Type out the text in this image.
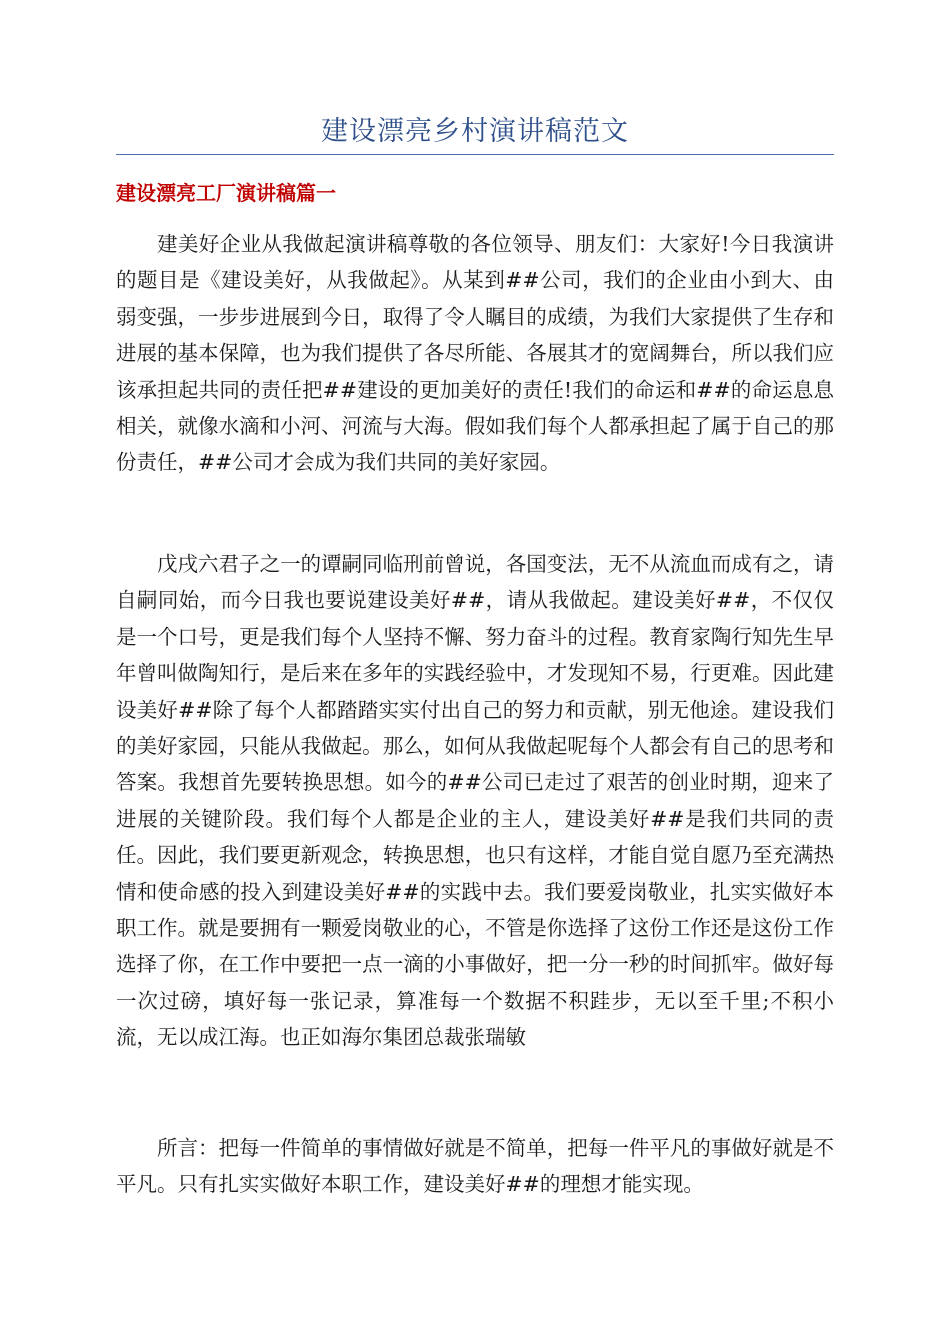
建设漂亮乡村演讲稿范文
建设漂亮工厂演讲稿篇一

建美好企业从我做起演讲稿尊敬的各位领导、朋友们：大家好!今日我演讲的题目是《建设美好，从我做起》。从某到##公司，我们的企业由小到大、由弱变强，一步步进展到今日，取得了令人瞩目的成绩，为我们大家提供了生存和进展的基本保障，也为我们提供了各尽所能、各展其才的宽阔舞台，所以我们应该承担起共同的责任把##建设的更加美好的责任!我们的命运和##的命运息息相关，就像水滴和小河、河流与大海。假如我们每个人都承担起了属于自己的那份责任，##公司才会成为我们共同的美好家园。

戊戌六君子之一的谭嗣同临刑前曾说，各国变法，无不从流血而成有之，请自嗣同始，而今日我也要说建设美好##，请从我做起。建设美好##，不仅仅是一个口号，更是我们每个人坚持不懈、努力奋斗的过程。教育家陶行知先生早年曾叫做陶知行，是后来在多年的实践经验中，才发现知不易，行更难。因此建设美好##除了每个人都踏踏实实付出自己的努力和贡献，别无他途。建设我们的美好家园，只能从我做起。那么，如何从我做起呢每个人都会有自己的思考和答案。我想首先要转换思想。如今的##公司已走过了艰苦的创业时期，迎来了进展的关键阶段。我们每个人都是企业的主人，建设美好##是我们共同的责任。因此，我们要更新观念，转换思想，也只有这样，才能自觉自愿乃至充满热情和使命感的投入到建设美好##的实践中去。我们要爱岗敬业，扎实实做好本职工作。就是要拥有一颗爱岗敬业的心，不管是你选择了这份工作还是这份工作选择了你，在工作中要把一点一滴的小事做好，把一分一秒的时间抓牢。做好每一次过磅，填好每一张记录，算准每一个数据不积跬步，无以至千里;不积小流，无以成江海。也正如海尔集团总裁张瑞敏

所言：把每一件简单的事情做好就是不简单，把每一件平凡的事做好就是不平凡。只有扎实实做好本职工作，建设美好##的理想才能实现。
